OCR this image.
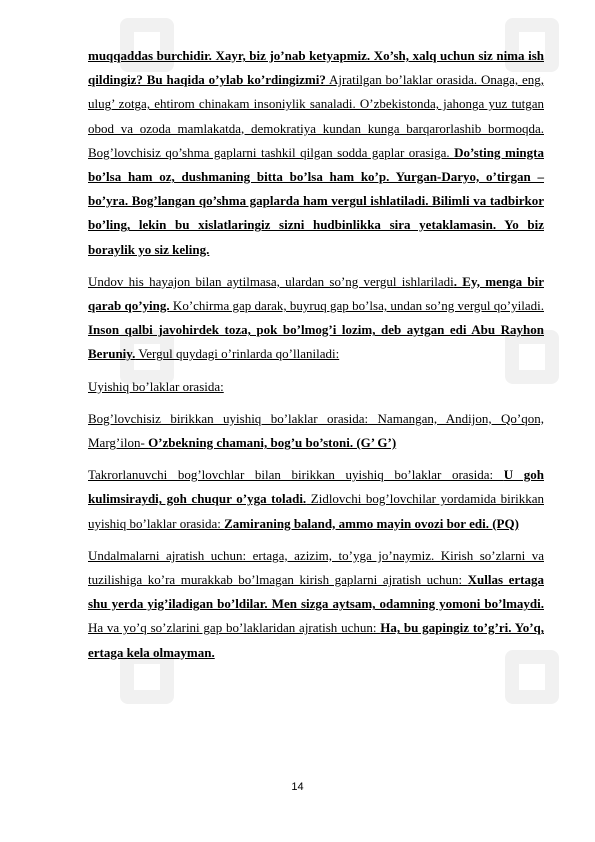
muqqaddas burchidir. Xayr, biz jo’nab ketyapmiz. Xo’sh, xalq uchun siz nima ish qildingiz? Bu haqida o’ylab ko’rdingizmi? Ajratilgan bo’laklar orasida. Onaga, eng, ulug’ zotga, ehtirom chinakam insoniylik sanaladi. O’zbekistonda, jahonga yuz tutgan obod va ozoda mamlakatda, demokratiya kundan kunga barqarorlashib bormoqda. Bog’lovchisiz qo’shma gaplarni tashkil qilgan sodda gaplar orasiga. Do’sting mingta bo’lsa ham oz, dushmaning bitta bo’lsa ham ko’p. Yurgan-Daryo, o’tirgan – bo’yra. Bog’langan qo’shma gaplarda ham vergul ishlatiladi. Bilimli va tadbirkor bo’ling, lekin bu xislatlaringiz sizni hudbinlikka sira yetaklamasin. Yo biz boraylik yo siz keling.

Undov his hayajon bilan aytilmasa, ulardan so’ng vergul ishlariladi. Ey, menga bir qarab qo’ying. Ko’chirma gap darak, buyruq gap bo’lsa, undan so’ng vergul qo’yiladi. Inson qalbi javohirdek toza, pok bo’lmog’i lozim, deb aytgan edi Abu Rayhon Beruniy. Vergul quydagi o’rinlarda qo’llaniladi:

Uyishiq bo’laklar orasida:

Bog’lovchisiz birikkan uyishiq bo’laklar orasida: Namangan, Andijon, Qo’qon, Marg’ilon- O’zbekning chamani, bog’u bo’stoni. (G’ G’)

Takrorlanuvchi bog’lovchlar bilan birikkan uyishiq bo’laklar orasida: U goh kulimsiraydi, goh chuqur o’yga toladi. Zidlovchi bog’lovchilar yordamida birikkan uyishiq bo’laklar orasida: Zamiraning baland, ammo mayin ovozi bor edi. (PQ)

Undalmalarni ajratish uchun: ertaga, azizim, to’yga jo’naymiz. Kirish so’zlarni va tuzilishiga ko’ra murakkab bo’lmagan kirish gaplarni ajratish uchun: Xullas ertaga shu yerda yig’iladigan bo’ldilar. Men sizga aytsam, odamning yomoni bo’lmaydi. Ha va yo’q so’zlarini gap bo’laklaridan ajratish uchun: Ha, bu gapingiz to’g’ri. Yo’q, ertaga kela olmayman.

14
